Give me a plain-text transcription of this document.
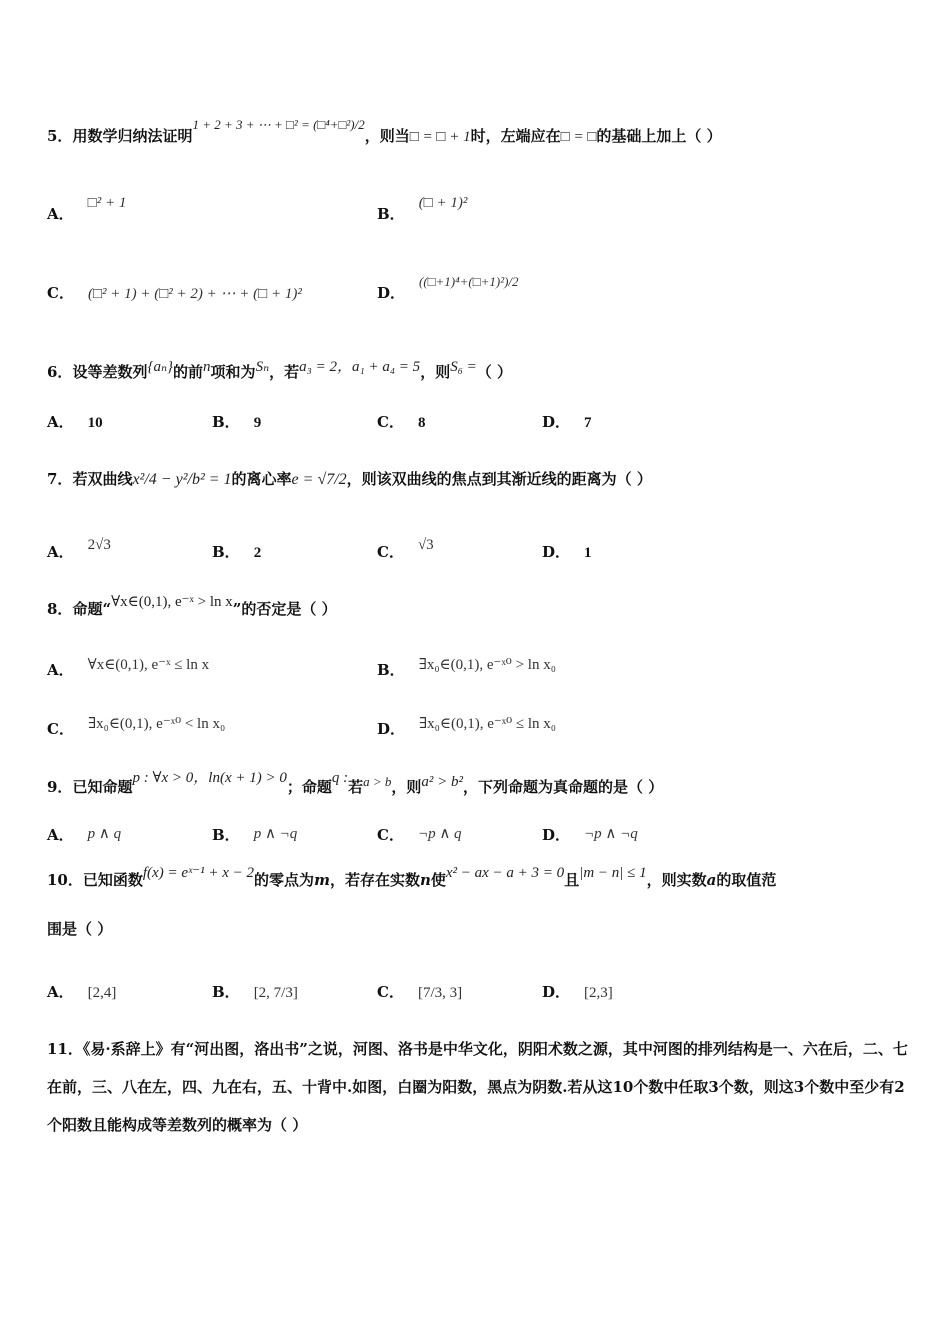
5．用数学归纳法证明1 + 2 + 3 + ⋯ + □² = (□⁴+□²)/2，则当□ = □ + 1时，左端应在□ = □的基础上加上（ ）
A．□² + 1
B．(□ + 1)²
C． (□² + 1) + (□² + 2) + ⋯ + (□ + 1)²	D．((□+1)⁴+(□+1)²)/2
6．设等差数列{aₙ}的前n项和为Sₙ，若a₃ = 2，a₁ + a₄ = 5，则S₆ =（ ）
A． 10	B． 9	C． 8	D． 7
7．若双曲线x²/4 − y²/b² = 1的离心率e = √7/2，则该双曲线的焦点到其渐近线的距离为（ ）
A． 2√3	B． 2	C． √3	D． 1
8．命题“∀x∈(0,1), e⁻ˣ > ln x”的否定是（ ）
A． ∀x∈(0,1), e⁻ˣ ≤ ln x	B． ∃x₀∈(0,1), e⁻ˣ⁰ > ln x₀
C． ∃x₀∈(0,1), e⁻ˣ⁰ < ln x₀	D． ∃x₀∈(0,1), e⁻ˣ⁰ ≤ ln x₀
9．已知命题p : ∀x > 0，ln(x + 1) > 0；命题q :若a > b，则a² > b²，下列命题为真命题的是（ ）
A． p ∧ q	B． p ∧ ¬q	C． ¬p ∧ q	D． ¬p ∧ ¬q
10．已知函数f(x) = eˣ⁻¹ + x − 2的零点为m，若存在实数n使x² − ax − a + 3 = 0且|m − n| ≤ 1，则实数a的取值范
围是（ ）
A． [2,4]	B． [2, 7/3]	C． [7/3, 3]	D． [2,3]
11．《易·系辞上》有“河出图，洛出书”之说，河图、洛书是中华文化，阴阳术数之源，其中河图的排列结构是一、六在后，二、七在前，三、八在左，四、九在右，五、十背中.如图，白圈为阳数，黑点为阴数.若从这10个数中任取3个数，则这3个数中至少有2个阳数且能构成等差数列的概率为（ ）
